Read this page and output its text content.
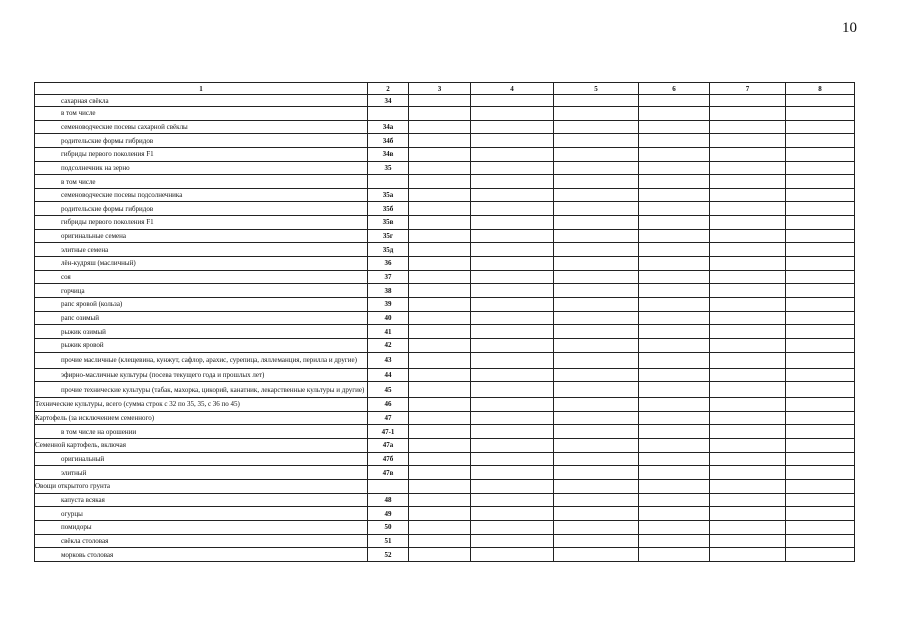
10
1	2	3	4	5	6	7	8
сахарная свёкла	34						
в том числе							
семеноводческие посевы сахарной свёклы	34а						
родительские формы гибридов	34б						
гибриды первого поколения F1	34в						
подсолнечник на зерно	35						
в том числе							
семеноводческие посевы подсолнечника	35а						
родительские формы гибридов	35б						
гибриды первого поколения F1	35в						
оригинальные семена	35г						
элитные семена	35д						
лён-кудряш (масличный)	36						
соя	37						
горчица	38						
рапс яровой (кольза)	39						
рапс озимый	40						
рыжик озимый	41						
рыжик яровой	42						
прочие масличные (клещевина, кунжут, сафлор, арахис, сурепица, ляллеманция, перилла и другие)	43						
эфирно-масличные культуры (посева текущего года и прошлых лет)	44						
прочие технические культуры (табак, махорка, цикорий, канатник, лекарственные культуры и другие)	45						
Технические культуры, всего (сумма строк с 32 по 35, 35, с 36 по 45)	46						
Картофель (за исключением семенного)	47						
в том числе на орошении	47-1						
Семенной картофель, включая	47а						
оригинальный	47б						
элитный	47в						
Овощи открытого грунта							
капуста всякая	48						
огурцы	49						
помидоры	50						
свёкла столовая	51						
морковь столовая	52						
